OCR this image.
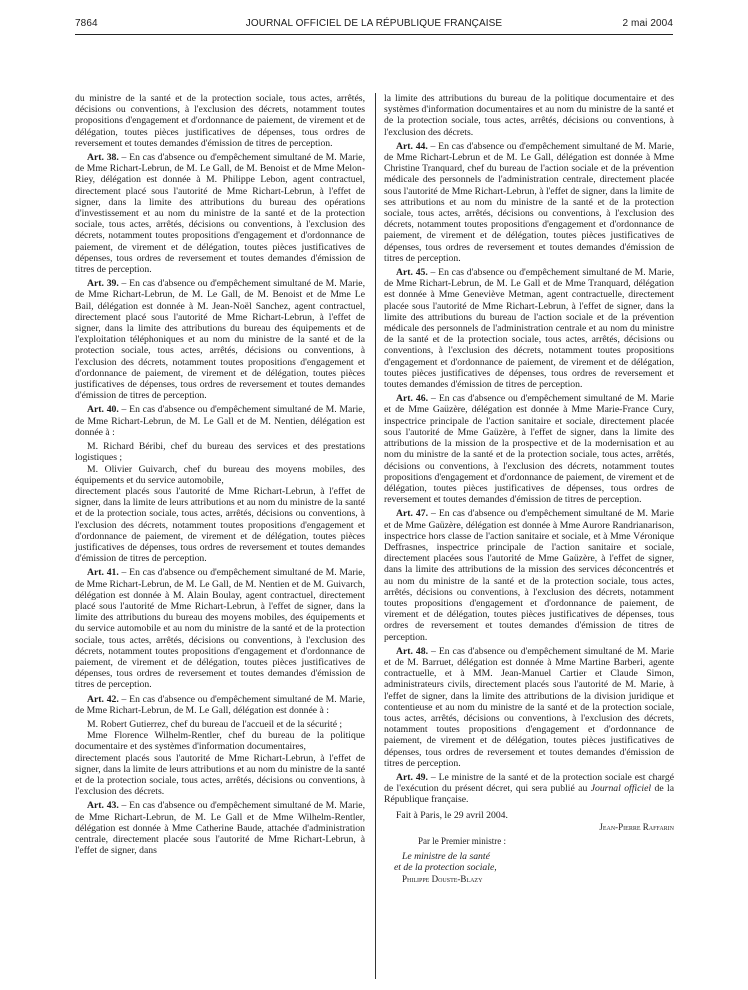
7864	JOURNAL OFFICIEL DE LA RÉPUBLIQUE FRANÇAISE	2 mai 2004

du ministre de la santé et de la protection sociale, tous actes, arrêtés, décisions ou conventions, à l'exclusion des décrets, notamment toutes propositions d'engagement et d'ordonnance de paiement, de virement et de délégation, toutes pièces justificatives de dépenses, tous ordres de reversement et toutes demandes d'émission de titres de perception.

Art. 38. – En cas d'absence ou d'empêchement simultané de M. Marie, de Mme Richart-Lebrun, de M. Le Gall, de M. Benoist et de Mme Melon-Riey, délégation est donnée à M. Philippe Lebon, agent contractuel, directement placé sous l'autorité de Mme Richart-Lebrun, à l'effet de signer, dans la limite des attributions du bureau des opérations d'investissement et au nom du ministre de la santé et de la protection sociale, tous actes, arrêtés, décisions ou conventions, à l'exclusion des décrets, notamment toutes propositions d'engagement et d'ordonnance de paiement, de virement et de délégation, toutes pièces justificatives de dépenses, tous ordres de reversement et toutes demandes d'émission de titres de perception.

Art. 39. – En cas d'absence ou d'empêchement simultané de M. Marie, de Mme Richart-Lebrun, de M. Le Gall, de M. Benoist et de Mme Le Bail, délégation est donnée à M. Jean-Noël Sanchez, agent contractuel, directement placé sous l'autorité de Mme Richart-Lebrun, à l'effet de signer, dans la limite des attributions du bureau des équipements et de l'exploitation téléphoniques et au nom du ministre de la santé et de la protection sociale, tous actes, arrêtés, décisions ou conventions, à l'exclusion des décrets, notamment toutes propositions d'engagement et d'ordonnance de paiement, de virement et de délégation, toutes pièces justificatives de dépenses, tous ordres de reversement et toutes demandes d'émission de titres de perception.

Art. 40. – En cas d'absence ou d'empêchement simultané de M. Marie, de Mme Richart-Lebrun, de M. Le Gall et de M. Nentien, délégation est donnée à :

M. Richard Béribi, chef du bureau des services et des prestations logistiques ;

M. Olivier Guivarch, chef du bureau des moyens mobiles, des équipements et du service automobile,

directement placés sous l'autorité de Mme Richart-Lebrun, à l'effet de signer, dans la limite de leurs attributions et au nom du ministre de la santé et de la protection sociale, tous actes, arrêtés, décisions ou conventions, à l'exclusion des décrets, notamment toutes propositions d'engagement et d'ordonnance de paiement, de virement et de délégation, toutes pièces justificatives de dépenses, tous ordres de reversement et toutes demandes d'émission de titres de perception.

Art. 41. – En cas d'absence ou d'empêchement simultané de M. Marie, de Mme Richart-Lebrun, de M. Le Gall, de M. Nentien et de M. Guivarch, délégation est donnée à M. Alain Boulay, agent contractuel, directement placé sous l'autorité de Mme Richart-Lebrun, à l'effet de signer, dans la limite des attributions du bureau des moyens mobiles, des équipements et du service automobile et au nom du ministre de la santé et de la protection sociale, tous actes, arrêtés, décisions ou conventions, à l'exclusion des décrets, notamment toutes propositions d'engagement et d'ordonnance de paiement, de virement et de délégation, toutes pièces justificatives de dépenses, tous ordres de reversement et toutes demandes d'émission de titres de perception.

Art. 42. – En cas d'absence ou d'empêchement simultané de M. Marie, de Mme Richart-Lebrun, de M. Le Gall, délégation est donnée à :

M. Robert Gutierrez, chef du bureau de l'accueil et de la sécurité ;

Mme Florence Wilhelm-Rentler, chef du bureau de la politique documentaire et des systèmes d'information documentaires,

directement placés sous l'autorité de Mme Richart-Lebrun, à l'effet de signer, dans la limite de leurs attributions et au nom du ministre de la santé et de la protection sociale, tous actes, arrêtés, décisions ou conventions, à l'exclusion des décrets.

Art. 43. – En cas d'absence ou d'empêchement simultané de M. Marie, de Mme Richart-Lebrun, de M. Le Gall et de Mme Wilhelm-Rentler, délégation est donnée à Mme Catherine Baude, attachée d'administration centrale, directement placée sous l'autorité de Mme Richart-Lebrun, à l'effet de signer, dans

la limite des attributions du bureau de la politique documentaire et des systèmes d'information documentaires et au nom du ministre de la santé et de la protection sociale, tous actes, arrêtés, décisions ou conventions, à l'exclusion des décrets.

Art. 44. – En cas d'absence ou d'empêchement simultané de M. Marie, de Mme Richart-Lebrun et de M. Le Gall, délégation est donnée à Mme Christine Tranquard, chef du bureau de l'action sociale et de la prévention médicale des personnels de l'administration centrale, directement placée sous l'autorité de Mme Richart-Lebrun, à l'effet de signer, dans la limite de ses attributions et au nom du ministre de la santé et de la protection sociale, tous actes, arrêtés, décisions ou conventions, à l'exclusion des décrets, notamment toutes propositions d'engagement et d'ordonnance de paiement, de virement et de délégation, toutes pièces justificatives de dépenses, tous ordres de reversement et toutes demandes d'émission de titres de perception.

Art. 45. – En cas d'absence ou d'empêchement simultané de M. Marie, de Mme Richart-Lebrun, de M. Le Gall et de Mme Tranquard, délégation est donnée à Mme Geneviève Metman, agent contractuelle, directement placée sous l'autorité de Mme Richart-Lebrun, à l'effet de signer, dans la limite des attributions du bureau de l'action sociale et de la prévention médicale des personnels de l'administration centrale et au nom du ministre de la santé et de la protection sociale, tous actes, arrêtés, décisions ou conventions, à l'exclusion des décrets, notamment toutes propositions d'engagement et d'ordonnance de paiement, de virement et de délégation, toutes pièces justificatives de dépenses, tous ordres de reversement et toutes demandes d'émission de titres de perception.

Art. 46. – En cas d'absence ou d'empêchement simultané de M. Marie et de Mme Gaüzère, délégation est donnée à Mme Marie-France Cury, inspectrice principale de l'action sanitaire et sociale, directement placée sous l'autorité de Mme Gaüzère, à l'effet de signer, dans la limite des attributions de la mission de la prospective et de la modernisation et au nom du ministre de la santé et de la protection sociale, tous actes, arrêtés, décisions ou conventions, à l'exclusion des décrets, notamment toutes propositions d'engagement et d'ordonnance de paiement, de virement et de délégation, toutes pièces justificatives de dépenses, tous ordres de reversement et toutes demandes d'émission de titres de perception.

Art. 47. – En cas d'absence ou d'empêchement simultané de M. Marie et de Mme Gaüzère, délégation est donnée à Mme Aurore Randrianarison, inspectrice hors classe de l'action sanitaire et sociale, et à Mme Véronique Deffrasnes, inspectrice principale de l'action sanitaire et sociale, directement placées sous l'autorité de Mme Gaüzère, à l'effet de signer, dans la limite des attributions de la mission des services déconcentrés et au nom du ministre de la santé et de la protection sociale, tous actes, arrêtés, décisions ou conventions, à l'exclusion des décrets, notamment toutes propositions d'engagement et d'ordonnance de paiement, de virement et de délégation, toutes pièces justificatives de dépenses, tous ordres de reversement et toutes demandes d'émission de titres de perception.

Art. 48. – En cas d'absence ou d'empêchement simultané de M. Marie et de M. Barruet, délégation est donnée à Mme Martine Barberi, agente contractuelle, et à MM. Jean-Manuel Cartier et Claude Simon, administrateurs civils, directement placés sous l'autorité de M. Marie, à l'effet de signer, dans la limite des attributions de la division juridique et contentieuse et au nom du ministre de la santé et de la protection sociale, tous actes, arrêtés, décisions ou conventions, à l'exclusion des décrets, notamment toutes propositions d'engagement et d'ordonnance de paiement, de virement et de délégation, toutes pièces justificatives de dépenses, tous ordres de reversement et toutes demandes d'émission de titres de perception.

Art. 49. – Le ministre de la santé et de la protection sociale est chargé de l'exécution du présent décret, qui sera publié au Journal officiel de la République française.

Fait à Paris, le 29 avril 2004.

Jean-Pierre Raffarin

Par le Premier ministre :

Le ministre de la santé

et de la protection sociale,

Philippe Douste-Blazy
